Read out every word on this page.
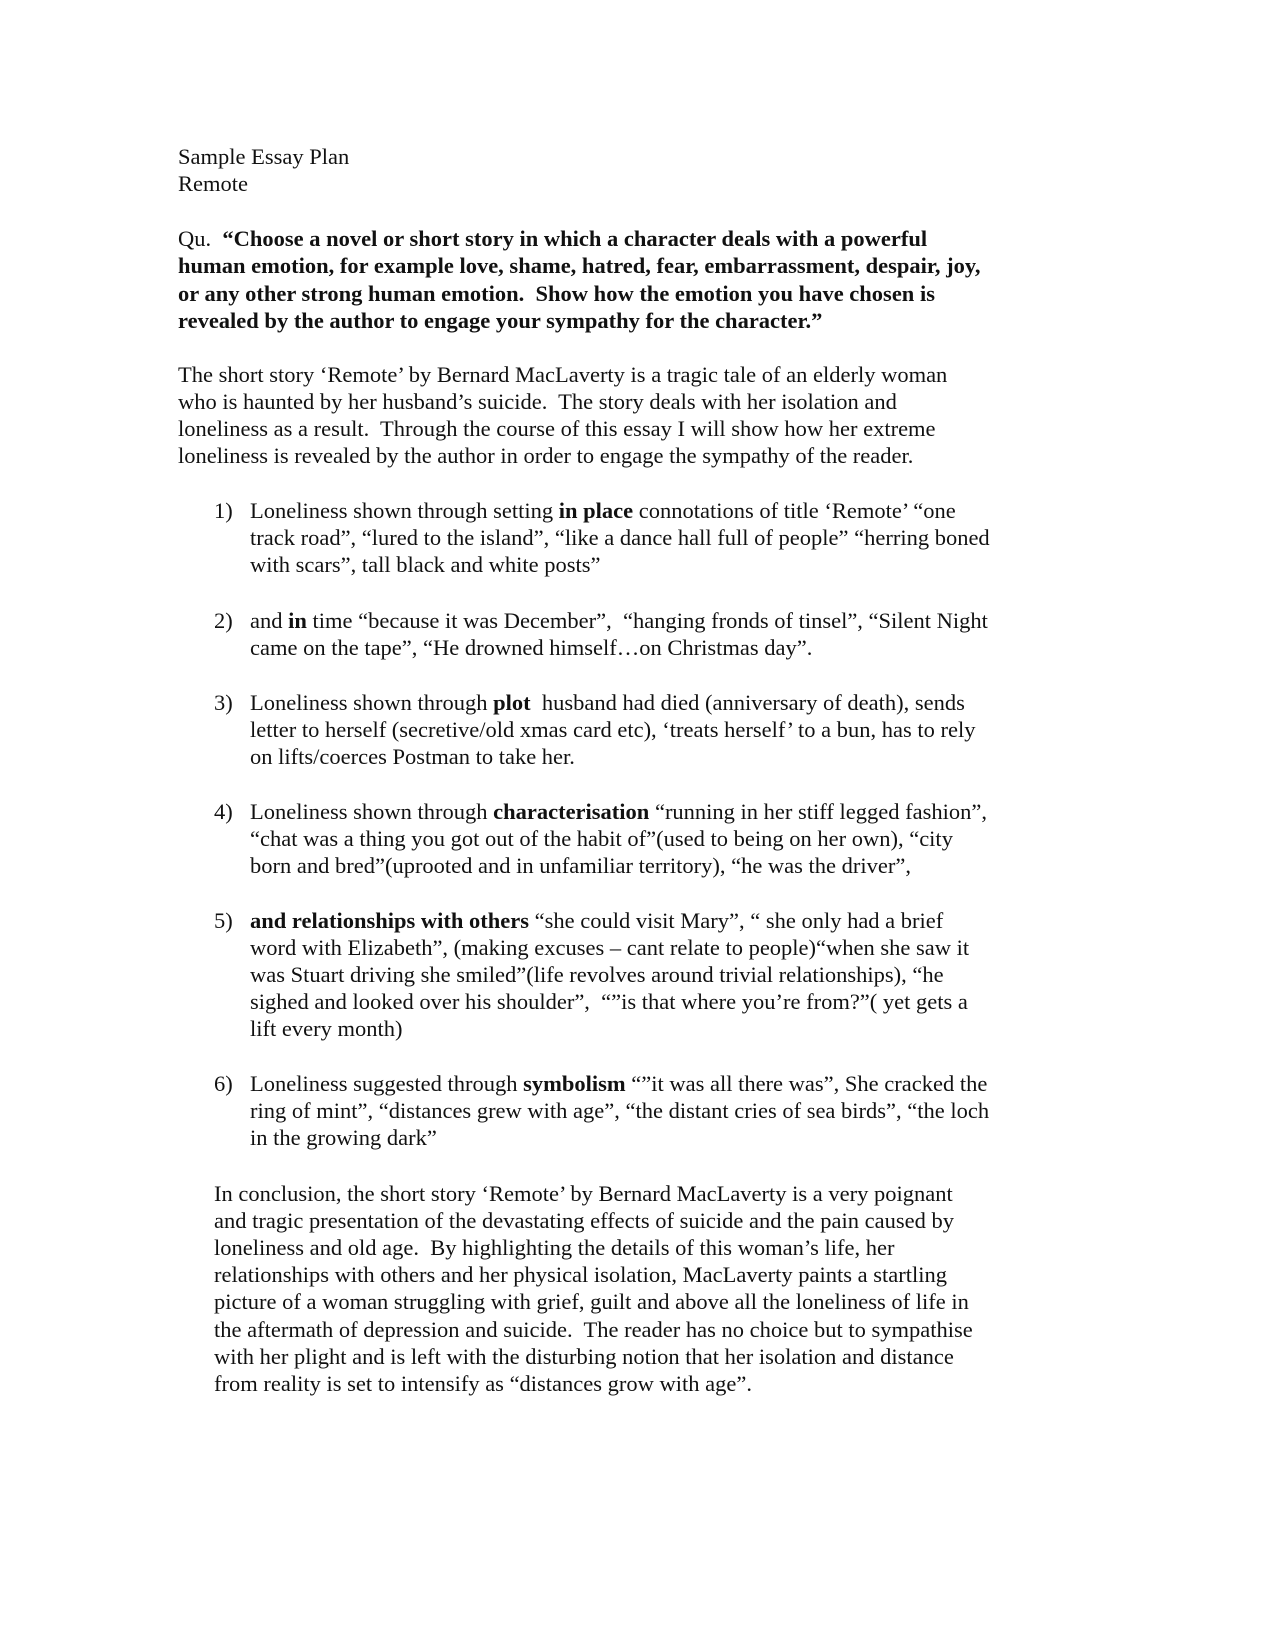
Sample Essay Plan
Remote
Qu.  “Choose a novel or short story in which a character deals with a powerful
human emotion, for example love, shame, hatred, fear, embarrassment, despair, joy,
or any other strong human emotion.  Show how the emotion you have chosen is
revealed by the author to engage your sympathy for the character.”
The short story ‘Remote’ by Bernard MacLaverty is a tragic tale of an elderly woman
who is haunted by her husband’s suicide.  The story deals with her isolation and
loneliness as a result.  Through the course of this essay I will show how her extreme
loneliness is revealed by the author in order to engage the sympathy of the reader.
1) Loneliness shown through setting in place connotations of title ‘Remote’ “one
track road”, “lured to the island”, “like a dance hall full of people” “herring boned
with scars”, tall black and white posts”
2) and in time “because it was December”,  “hanging fronds of tinsel”, “Silent Night
came on the tape”, “He drowned himself…on Christmas day”.
3) Loneliness shown through plot  husband had died (anniversary of death), sends
letter to herself (secretive/old xmas card etc), ‘treats herself’ to a bun, has to rely
on lifts/coerces Postman to take her.
4) Loneliness shown through characterisation “running in her stiff legged fashion”,
“chat was a thing you got out of the habit of”(used to being on her own), “city
born and bred”(uprooted and in unfamiliar territory), “he was the driver”,
5) and relationships with others “she could visit Mary”, “ she only had a brief
word with Elizabeth”, (making excuses – cant relate to people)“when she saw it
was Stuart driving she smiled”(life revolves around trivial relationships), “he
sighed and looked over his shoulder”,  “”is that where you’re from?”( yet gets a
lift every month)
6) Loneliness suggested through symbolism “”it was all there was”, She cracked the
ring of mint”, “distances grew with age”, “the distant cries of sea birds”, “the loch
in the growing dark”
In conclusion, the short story ‘Remote’ by Bernard MacLaverty is a very poignant
and tragic presentation of the devastating effects of suicide and the pain caused by
loneliness and old age.  By highlighting the details of this woman’s life, her
relationships with others and her physical isolation, MacLaverty paints a startling
picture of a woman struggling with grief, guilt and above all the loneliness of life in
the aftermath of depression and suicide.  The reader has no choice but to sympathise
with her plight and is left with the disturbing notion that her isolation and distance
from reality is set to intensify as “distances grow with age”.
